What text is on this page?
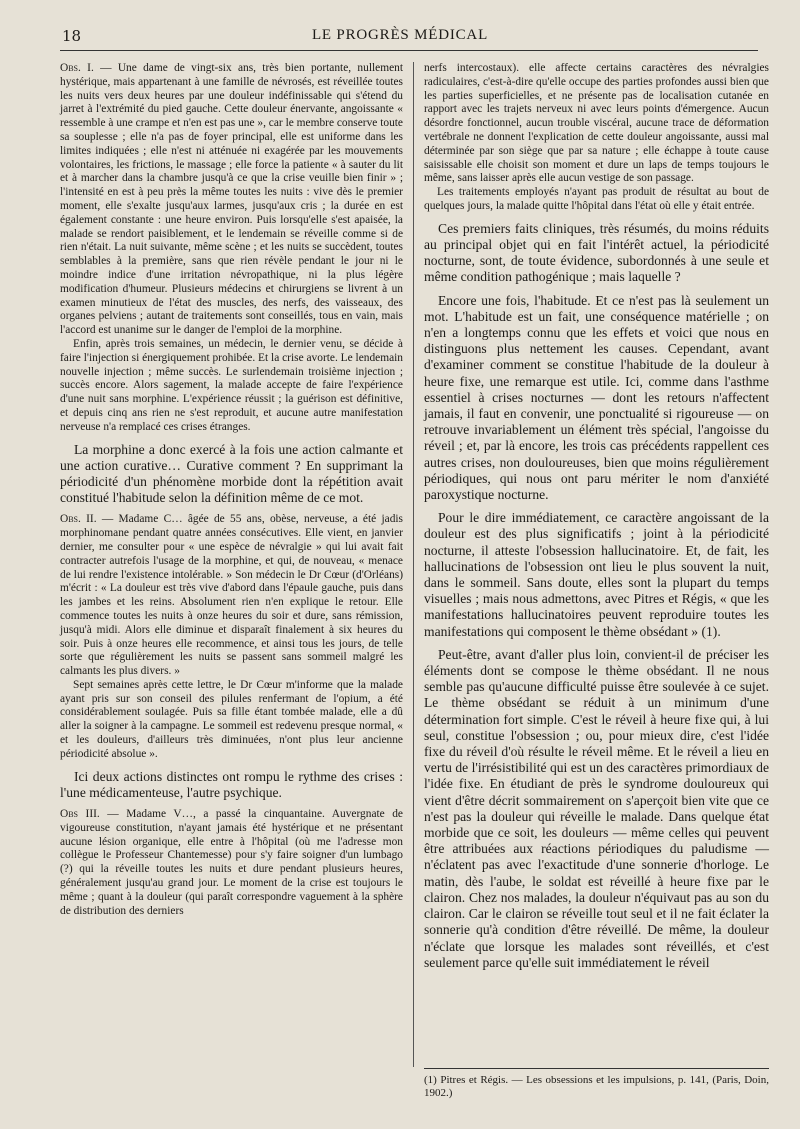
18	LE PROGRÈS MÉDICAL

Obs. I. — Une dame de vingt-six ans, très bien portante, nullement hystérique, mais appartenant à une famille de névrosés, est réveillée toutes les nuits vers deux heures par une douleur indéfinissable qui s'étend du jarret à l'extrémité du pied gauche. Cette douleur énervante, angoissante « ressemble à une crampe et n'en est pas une », car le membre conserve toute sa souplesse ; elle n'a pas de foyer principal, elle est uniforme dans les limites indiquées ; elle n'est ni atténuée ni exagérée par les mouvements volontaires, les frictions, le massage ; elle force la patiente « à sauter du lit et à marcher dans la chambre jusqu'à ce que la crise veuille bien finir » ; l'intensité en est à peu près la même toutes les nuits : vive dès le premier moment, elle s'exalte jusqu'aux larmes, jusqu'aux cris ; la durée en est également constante : une heure environ. Puis lorsqu'elle s'est apaisée, la malade se rendort paisiblement, et le lendemain se réveille comme si de rien n'était. La nuit suivante, même scène ; et les nuits se succèdent, toutes semblables à la première, sans que rien révèle pendant le jour ni le moindre indice d'une irritation névropathique, ni la plus légère modification d'humeur. Plusieurs médecins et chirurgiens se livrent à un examen minutieux de l'état des muscles, des nerfs, des vaisseaux, des organes pelviens ; autant de traitements sont conseillés, tous en vain, mais l'accord est unanime sur le danger de l'emploi de la morphine.

Enfin, après trois semaines, un médecin, le dernier venu, se décide à faire l'injection si énergiquement prohibée. Et la crise avorte. Le lendemain nouvelle injection ; même succès. Le surlendemain troisième injection ; succès encore. Alors sagement, la malade accepte de faire l'expérience d'une nuit sans morphine. L'expérience réussit ; la guérison est définitive, et depuis cinq ans rien ne s'est reproduit, et aucune autre manifestation nerveuse n'a remplacé ces crises étranges.

La morphine a donc exercé à la fois une action calmante et une action curative… Curative comment ? En supprimant la périodicité d'un phénomène morbide dont la répétition avait constitué l'habitude selon la définition même de ce mot.

Obs. II. — Madame C… âgée de 55 ans, obèse, nerveuse, a été jadis morphinomane pendant quatre années consécutives. Elle vient, en janvier dernier, me consulter pour « une espèce de névralgie » qui lui avait fait contracter autrefois l'usage de la morphine, et qui, de nouveau, « menace de lui rendre l'existence intolérable. » Son médecin le Dr Cœur (d'Orléans) m'écrit : « La douleur est très vive d'abord dans l'épaule gauche, puis dans les jambes et les reins. Absolument rien n'en explique le retour. Elle commence toutes les nuits à onze heures du soir et dure, sans rémission, jusqu'à midi. Alors elle diminue et disparaît finalement à six heures du soir. Puis à onze heures elle recommence, et ainsi tous les jours, de telle sorte que régulièrement les nuits se passent sans sommeil malgré les calmants les plus divers. »

Sept semaines après cette lettre, le Dr Cœur m'informe que la malade ayant pris sur son conseil des pilules renfermant de l'opium, a été considérablement soulagée. Puis sa fille étant tombée malade, elle a dû aller la soigner à la campagne. Le sommeil est redevenu presque normal, « et les douleurs, d'ailleurs très diminuées, n'ont plus leur ancienne périodicité absolue ».

Ici deux actions distinctes ont rompu le rythme des crises : l'une médicamenteuse, l'autre psychique.

Obs III. — Madame V…, a passé la cinquantaine. Auvergnate de vigoureuse constitution, n'ayant jamais été hystérique et ne présentant aucune lésion organique, elle entre à l'hôpital (où me l'adresse mon collègue le Professeur Chantemesse) pour s'y faire soigner d'un lumbago (?) qui la réveille toutes les nuits et dure pendant plusieurs heures, généralement jusqu'au grand jour. Le moment de la crise est toujours le même ; quant à la douleur (qui paraît correspondre vaguement à la sphère de distribution des derniers

nerfs intercostaux). elle affecte certains caractères des névralgies radiculaires, c'est-à-dire qu'elle occupe des parties profondes aussi bien que les parties superficielles, et ne présente pas de localisation cutanée en rapport avec les trajets nerveux ni avec leurs points d'émergence. Aucun désordre fonctionnel, aucun trouble viscéral, aucune trace de déformation vertébrale ne donnent l'explication de cette douleur angoissante, aussi mal déterminée par son siège que par sa nature ; elle échappe à toute cause saisissable elle choisit son moment et dure un laps de temps toujours le même, sans laisser après elle aucun vestige de son passage.

Les traitements employés n'ayant pas produit de résultat au bout de quelques jours, la malade quitte l'hôpital dans l'état où elle y était entrée.

Ces premiers faits cliniques, très résumés, du moins réduits au principal objet qui en fait l'intérêt actuel, la périodicité nocturne, sont, de toute évidence, subordonnés à une seule et même condition pathogénique ; mais laquelle ?

Encore une fois, l'habitude. Et ce n'est pas là seulement un mot. L'habitude est un fait, une conséquence matérielle ; on n'en a longtemps connu que les effets et voici que nous en distinguons plus nettement les causes. Cependant, avant d'examiner comment se constitue l'habitude de la douleur à heure fixe, une remarque est utile. Ici, comme dans l'asthme essentiel à crises nocturnes — dont les retours n'affectent jamais, il faut en convenir, une ponctualité si rigoureuse — on retrouve invariablement un élément très spécial, l'angoisse du réveil ; et, par là encore, les trois cas précédents rappellent ces autres crises, non douloureuses, bien que moins régulièrement périodiques, qui nous ont paru mériter le nom d'anxiété paroxystique nocturne.

Pour le dire immédiatement, ce caractère angoissant de la douleur est des plus significatifs ; joint à la périodicité nocturne, il atteste l'obsession hallucinatoire. Et, de fait, les hallucinations de l'obsession ont lieu le plus souvent la nuit, dans le sommeil. Sans doute, elles sont la plupart du temps visuelles ; mais nous admettons, avec Pitres et Régis, « que les manifestations hallucinatoires peuvent reproduire toutes les manifestations qui composent le thème obsédant » (1).

Peut-être, avant d'aller plus loin, convient-il de préciser les éléments dont se compose le thème obsédant. Il ne nous semble pas qu'aucune difficulté puisse être soulevée à ce sujet. Le thème obsédant se réduit à un minimum d'une détermination fort simple. C'est le réveil à heure fixe qui, à lui seul, constitue l'obsession ; ou, pour mieux dire, c'est l'idée fixe du réveil d'où résulte le réveil même. Et le réveil a lieu en vertu de l'irrésistibilité qui est un des caractères primordiaux de l'idée fixe. En étudiant de près le syndrome douloureux qui vient d'être décrit sommairement on s'aperçoit bien vite que ce n'est pas la douleur qui réveille le malade. Dans quelque état morbide que ce soit, les douleurs — même celles qui peuvent être attribuées aux réactions périodiques du paludisme — n'éclatent pas avec l'exactitude d'une sonnerie d'horloge. Le matin, dès l'aube, le soldat est réveillé à heure fixe par le clairon. Chez nos malades, la douleur n'équivaut pas au son du clairon. Car le clairon se réveille tout seul et il ne fait éclater la sonnerie qu'à condition d'être réveillé. De même, la douleur n'éclate que lorsque les malades sont réveillés, et c'est seulement parce qu'elle suit immédiatement le réveil

(1) Pitres et Régis. — Les obsessions et les impulsions, p. 141, (Paris, Doin, 1902.)
